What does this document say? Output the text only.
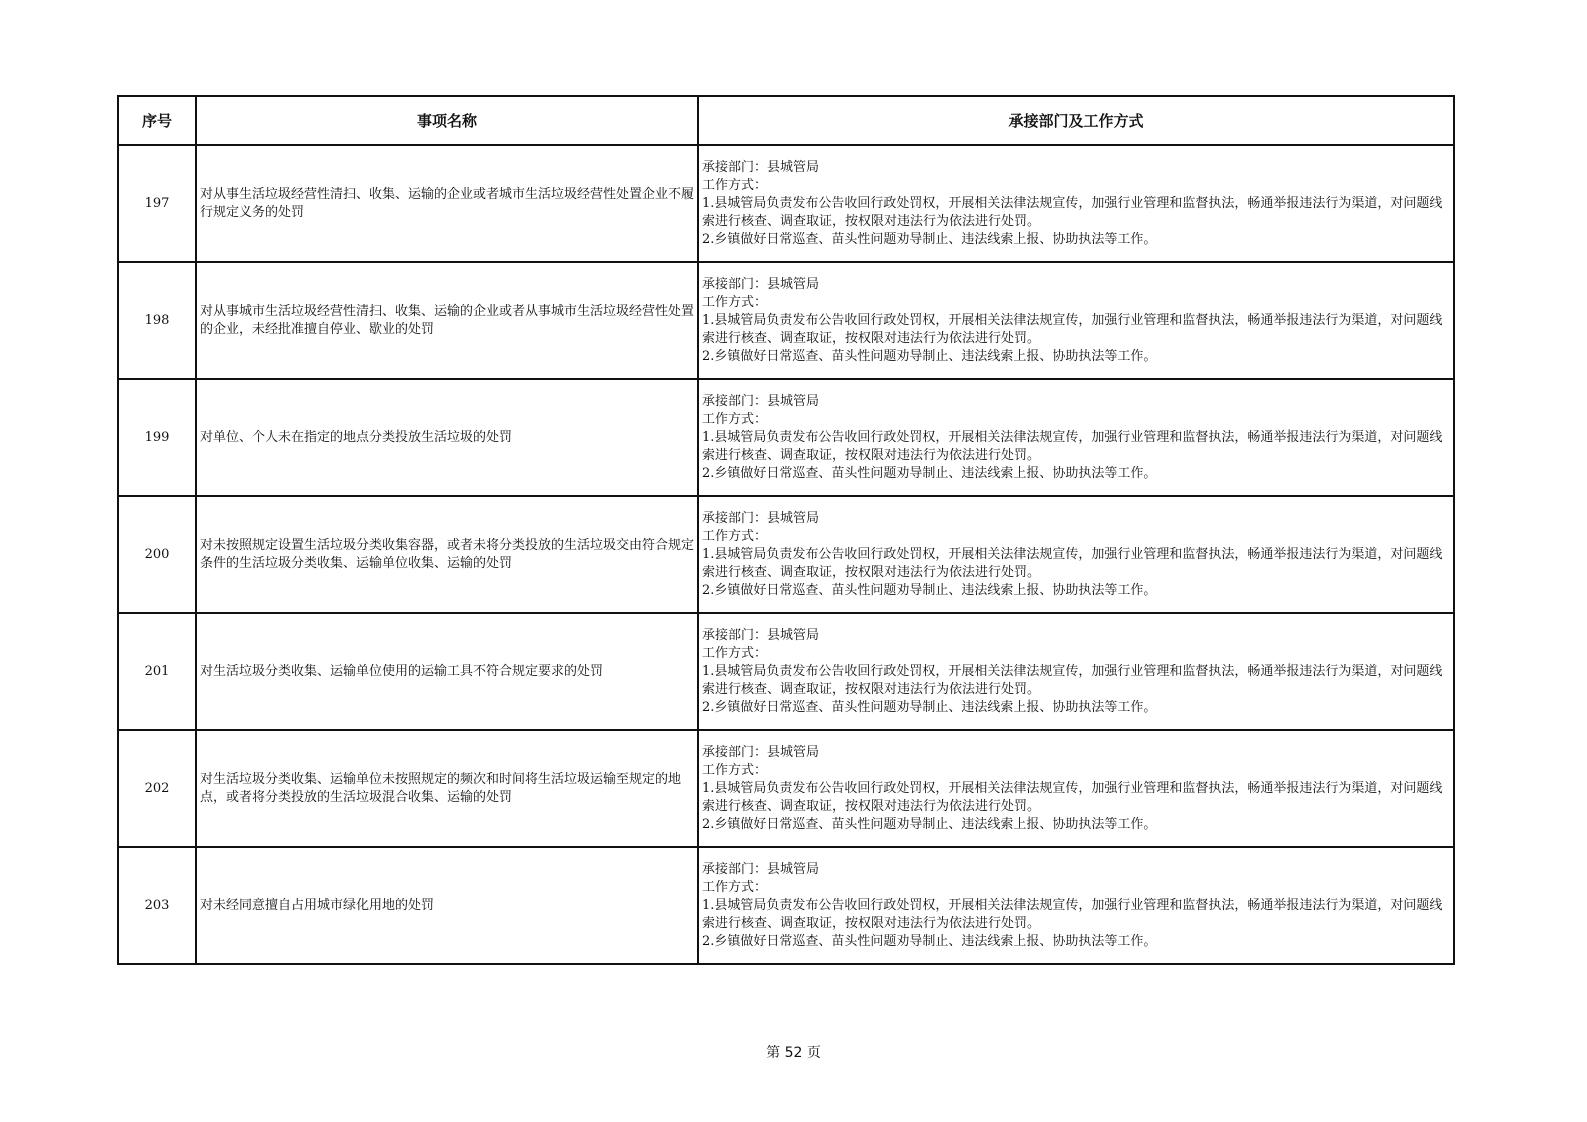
序号	事项名称	承接部门及工作方式
197	对从事生活垃圾经营性清扫、收集、运输的企业或者城市生活垃圾经营性处置企业不履行规定义务的处罚	承接部门：县城管局
工作方式：
1.县城管局负责发布公告收回行政处罚权，开展相关法律法规宣传，加强行业管理和监督执法，畅通举报违法行为渠道，对问题线索进行核查、调查取证，按权限对违法行为依法进行处罚。
2.乡镇做好日常巡查、苗头性问题劝导制止、违法线索上报、协助执法等工作。

198	对从事城市生活垃圾经营性清扫、收集、运输的企业或者从事城市生活垃圾经营性处置的企业，未经批准擅自停业、歇业的处罚	承接部门：县城管局
工作方式：
1.县城管局负责发布公告收回行政处罚权，开展相关法律法规宣传，加强行业管理和监督执法，畅通举报违法行为渠道，对问题线索进行核查、调查取证，按权限对违法行为依法进行处罚。
2.乡镇做好日常巡查、苗头性问题劝导制止、违法线索上报、协助执法等工作。

199	对单位、个人未在指定的地点分类投放生活垃圾的处罚	承接部门：县城管局
工作方式：
1.县城管局负责发布公告收回行政处罚权，开展相关法律法规宣传，加强行业管理和监督执法，畅通举报违法行为渠道，对问题线索进行核查、调查取证，按权限对违法行为依法进行处罚。
2.乡镇做好日常巡查、苗头性问题劝导制止、违法线索上报、协助执法等工作。

200	对未按照规定设置生活垃圾分类收集容器，或者未将分类投放的生活垃圾交由符合规定条件的生活垃圾分类收集、运输单位收集、运输的处罚	承接部门：县城管局
工作方式：
1.县城管局负责发布公告收回行政处罚权，开展相关法律法规宣传，加强行业管理和监督执法，畅通举报违法行为渠道，对问题线索进行核查、调查取证，按权限对违法行为依法进行处罚。
2.乡镇做好日常巡查、苗头性问题劝导制止、违法线索上报、协助执法等工作。

201	对生活垃圾分类收集、运输单位使用的运输工具不符合规定要求的处罚	承接部门：县城管局
工作方式：
1.县城管局负责发布公告收回行政处罚权，开展相关法律法规宣传，加强行业管理和监督执法，畅通举报违法行为渠道，对问题线索进行核查、调查取证，按权限对违法行为依法进行处罚。
2.乡镇做好日常巡查、苗头性问题劝导制止、违法线索上报、协助执法等工作。

202	对生活垃圾分类收集、运输单位未按照规定的频次和时间将生活垃圾运输至规定的地点，或者将分类投放的生活垃圾混合收集、运输的处罚	承接部门：县城管局
工作方式：
1.县城管局负责发布公告收回行政处罚权，开展相关法律法规宣传，加强行业管理和监督执法，畅通举报违法行为渠道，对问题线索进行核查、调查取证，按权限对违法行为依法进行处罚。
2.乡镇做好日常巡查、苗头性问题劝导制止、违法线索上报、协助执法等工作。

203	对未经同意擅自占用城市绿化用地的处罚	承接部门：县城管局
工作方式：
1.县城管局负责发布公告收回行政处罚权，开展相关法律法规宣传，加强行业管理和监督执法，畅通举报违法行为渠道，对问题线索进行核查、调查取证，按权限对违法行为依法进行处罚。
2.乡镇做好日常巡查、苗头性问题劝导制止、违法线索上报、协助执法等工作。
第 52 页
